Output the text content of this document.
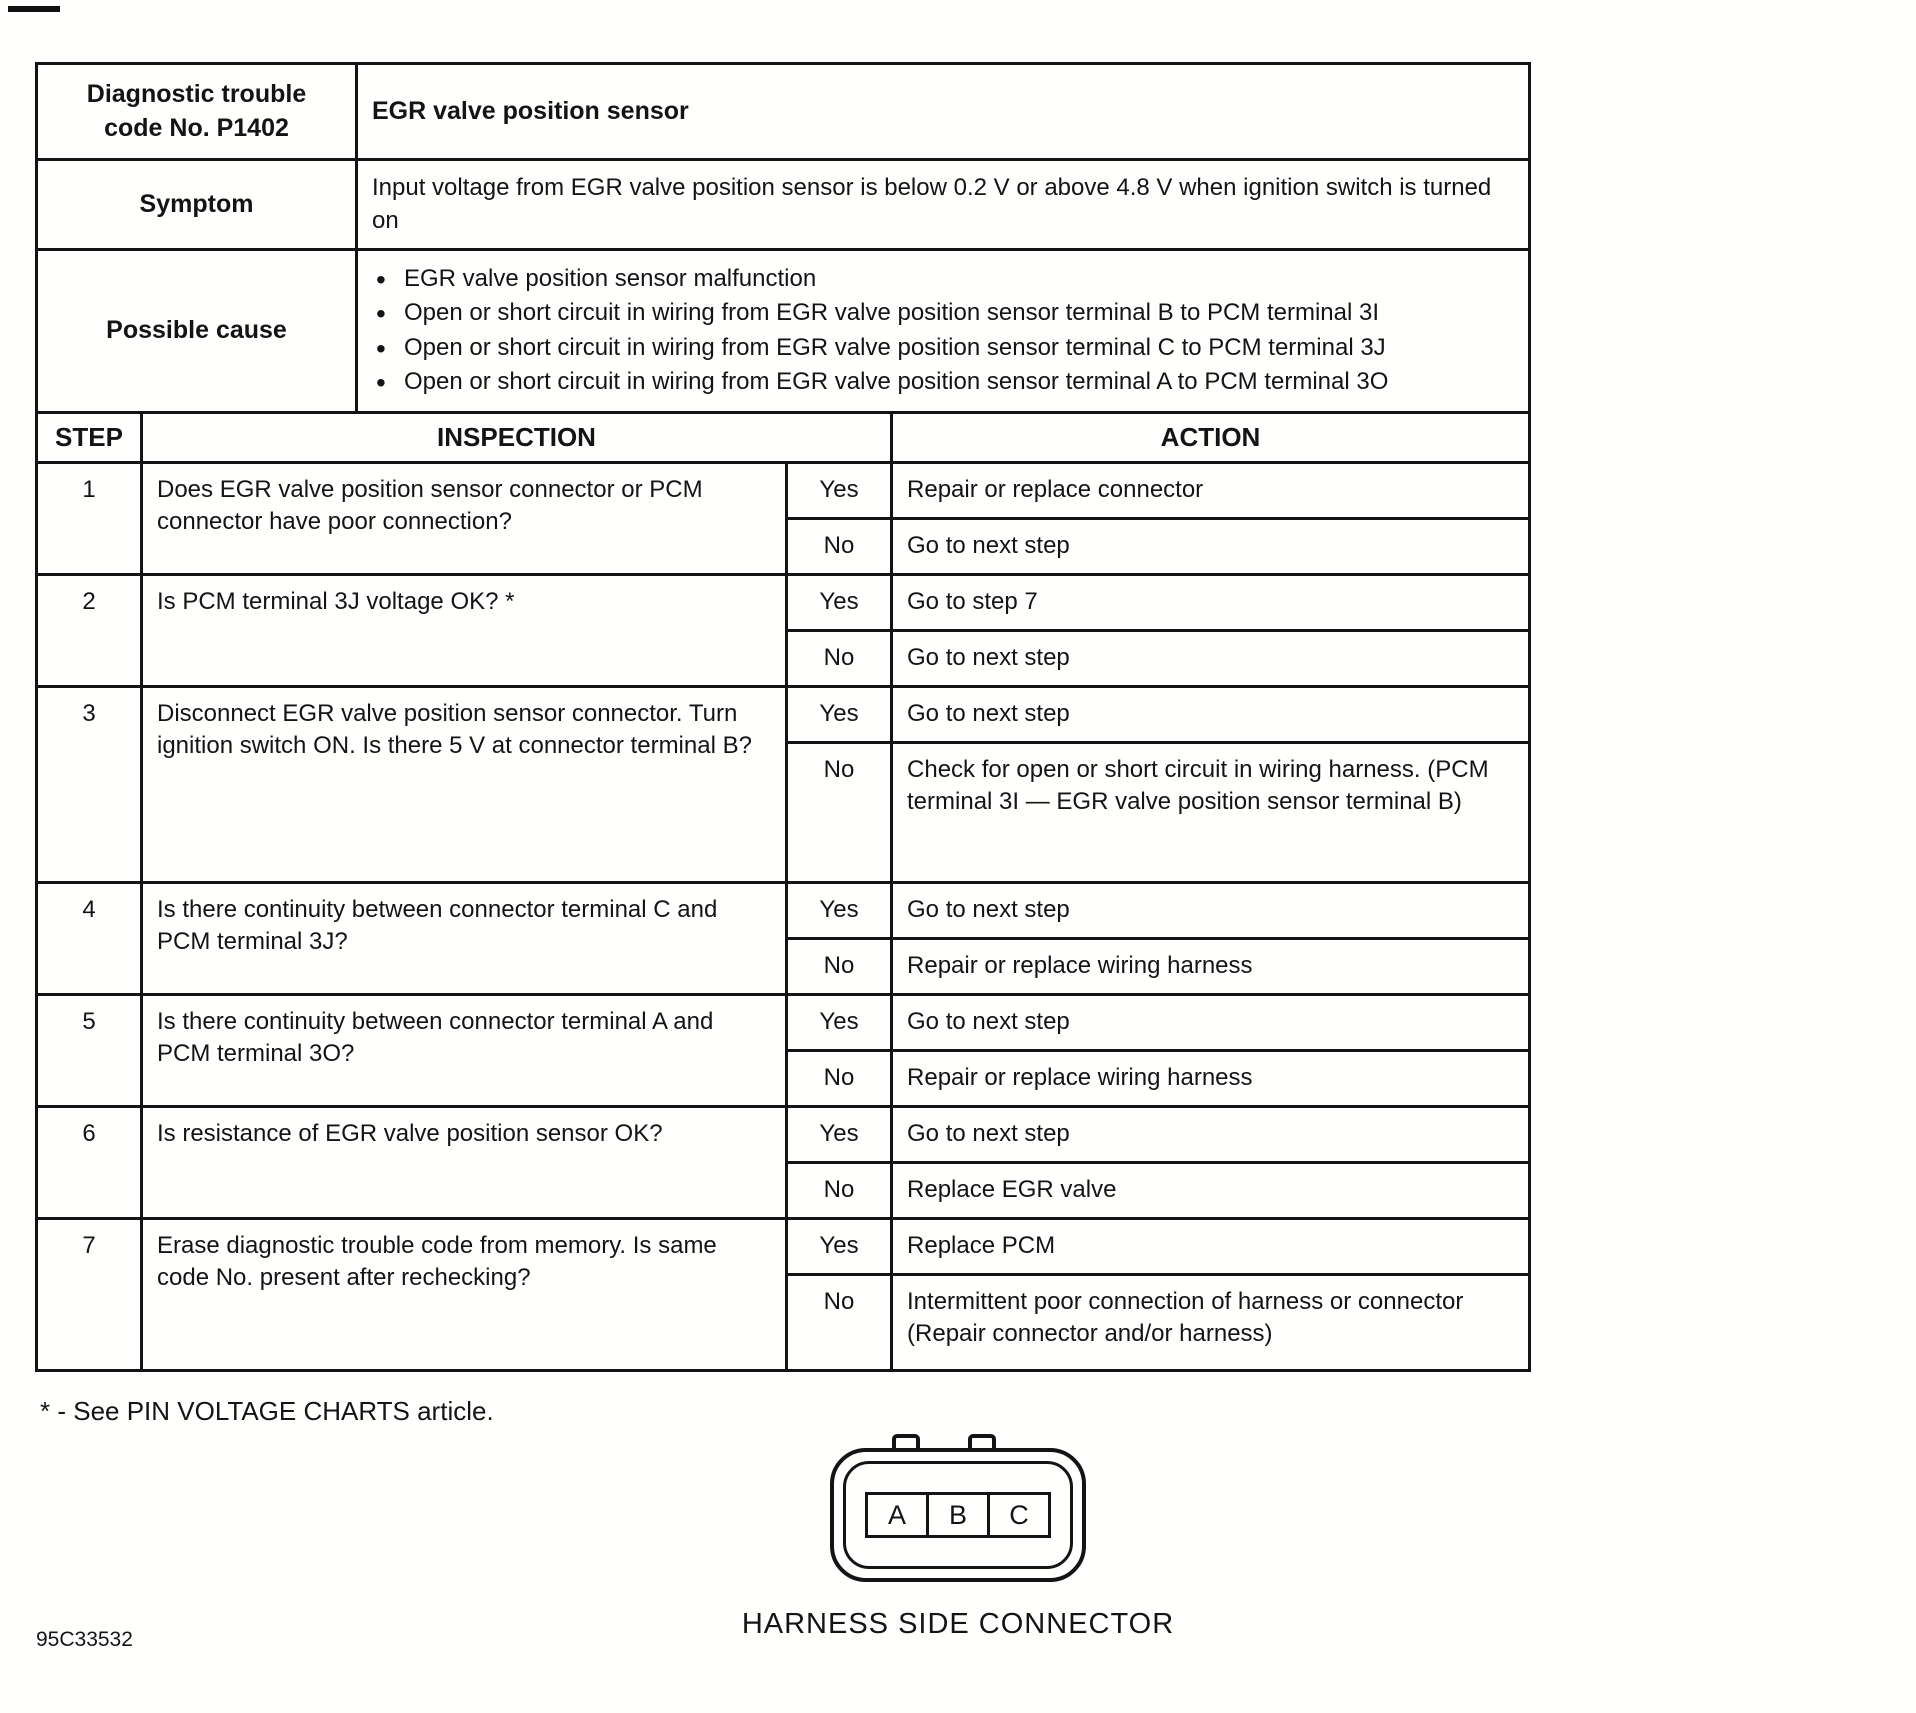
Diagnostic trouble code No. P1402	EGR valve position sensor
Symptom	Input voltage from EGR valve position sensor is below 0.2 V or above 4.8 V when ignition switch is turned on
Possible cause	
• EGR valve position sensor malfunction
• Open or short circuit in wiring from EGR valve position sensor terminal B to PCM terminal 3I
• Open or short circuit in wiring from EGR valve position sensor terminal C to PCM terminal 3J
• Open or short circuit in wiring from EGR valve position sensor terminal A to PCM terminal 3O
STEP	INSPECTION		ACTION
1	Does EGR valve position sensor connector or PCM connector have poor connection?	Yes	Repair or replace connector
		No	Go to next step
2	Is PCM terminal 3J voltage OK? *	Yes	Go to step 7
		No	Go to next step
3	Disconnect EGR valve position sensor connector. Turn ignition switch ON. Is there 5 V at connector terminal B?	Yes	Go to next step
		No	Check for open or short circuit in wiring harness. (PCM terminal 3I — EGR valve position sensor terminal B)
4	Is there continuity between connector terminal C and PCM terminal 3J?	Yes	Go to next step
		No	Repair or replace wiring harness
5	Is there continuity between connector terminal A and PCM terminal 3O?	Yes	Go to next step
		No	Repair or replace wiring harness
6	Is resistance of EGR valve position sensor OK?	Yes	Go to next step
		No	Replace EGR valve
7	Erase diagnostic trouble code from memory. Is same code No. present after rechecking?	Yes	Replace PCM
		No	Intermittent poor connection of harness or connector (Repair connector and/or harness)
* - See PIN VOLTAGE CHARTS article.
A	B	C
HARNESS SIDE CONNECTOR
95C33532
